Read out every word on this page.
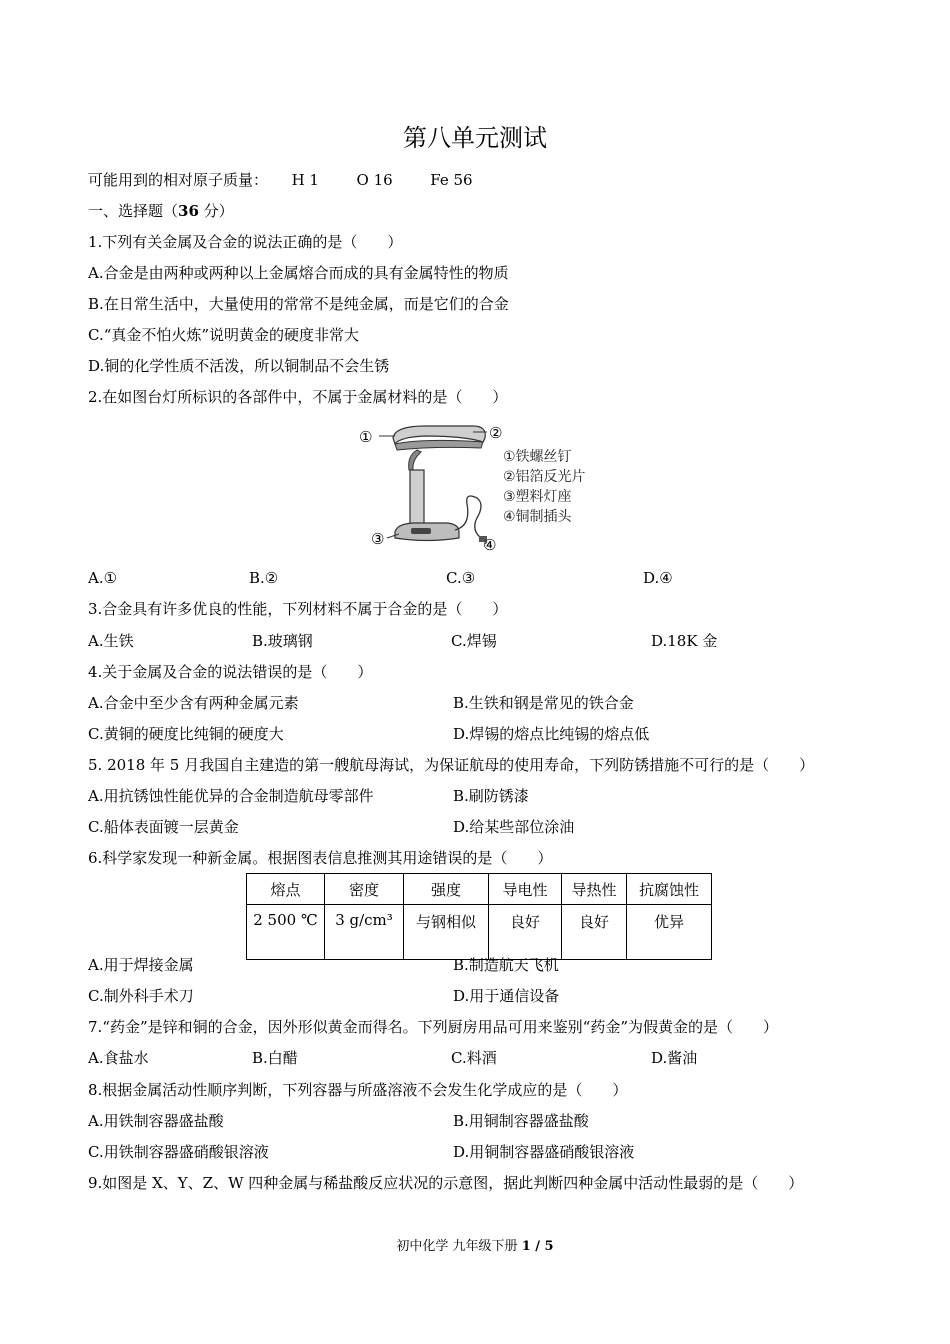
第八单元测试
可能用到的相对原子质量： H 1	O 16	Fe 56
一、选择题（36 分）
1.下列有关金属及合金的说法正确的是（　　）
A.合金是由两种或两种以上金属熔合而成的具有金属特性的物质
B.在日常生活中，大量使用的常常不是纯金属，而是它们的合金
C.“真金不怕火炼”说明黄金的硬度非常大
D.铜的化学性质不活泼，所以铜制品不会生锈
2.在如图台灯所标识的各部件中，不属于金属材料的是（　　）
①	②
③	④
①铁螺丝钉
②铝箔反光片
③塑料灯座
④铜制插头
A.①	B.②	C.③	D.④
3.合金具有许多优良的性能，下列材料不属于合金的是（　　）
A.生铁	B.玻璃钢	C.焊锡	D.18K 金
4.关于金属及合金的说法错误的是（　　）
A.合金中至少含有两种金属元素	B.生铁和钢是常见的铁合金
C.黄铜的硬度比纯铜的硬度大	D.焊锡的熔点比纯锡的熔点低
5. 2018 年 5 月我国自主建造的第一艘航母海试，为保证航母的使用寿命，下列防锈措施不可行的是（　　）
A.用抗锈蚀性能优异的合金制造航母零部件	B.刷防锈漆
C.船体表面镀一层黄金	D.给某些部位涂油
6.科学家发现一种新金属。根据图表信息推测其用途错误的是（　　）
熔点	密度	强度	导电性	导热性	抗腐蚀性
2 500 ℃	3 g/cm³	与钢相似	良好	良好	优异
A.用于焊接金属	B.制造航天飞机
C.制外科手术刀	D.用于通信设备
7.“药金”是锌和铜的合金，因外形似黄金而得名。下列厨房用品可用来鉴别“药金”为假黄金的是（　　）
A.食盐水	B.白醋	C.料酒	D.酱油
8.根据金属活动性顺序判断，下列容器与所盛溶液不会发生化学成应的是（　　）
A.用铁制容器盛盐酸	B.用铜制容器盛盐酸
C.用铁制容器盛硝酸银溶液	D.用铜制容器盛硝酸银溶液
9.如图是 X、Y、Z、W 四种金属与稀盐酸反应状况的示意图，据此判断四种金属中活动性最弱的是（　　）
初中化学 九年级下册 1 / 5
